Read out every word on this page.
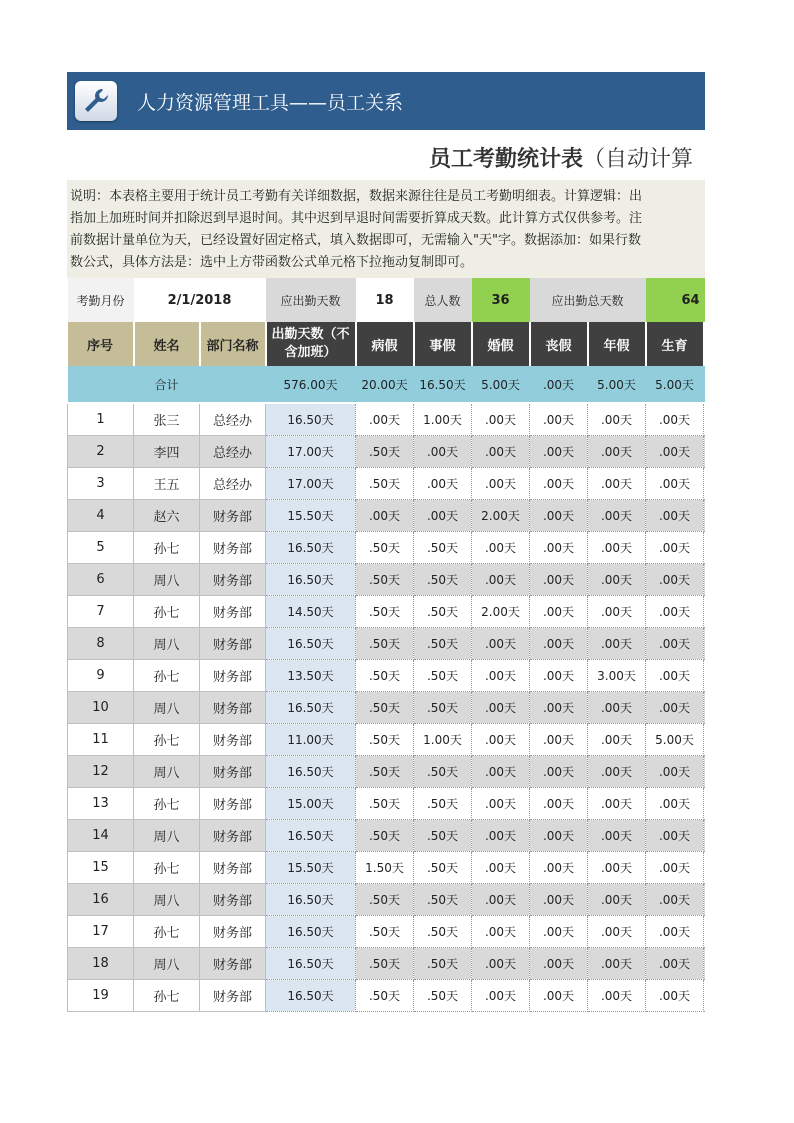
人力资源管理工具——员工关系
员工考勤统计表（自动计算
说明：本表格主要用于统计员工考勤有关详细数据，数据来源往往是员工考勤明细表。计算逻辑：出
指加上加班时间并扣除迟到早退时间。其中迟到早退时间需要折算成天数。此计算方式仅供参考。注
前数据计量单位为天，已经设置好固定格式，填入数据即可，无需输入"天"字。数据添加：如果行数
数公式，具体方法是：选中上方带函数公式单元格下拉拖动复制即可。
考勤月份	2/1/2018		应出勤天数	18	总人数	36	应出勤总天数		64	
序号	姓名	部门名称	出勤天数（不含加班）	病假	事假	婚假	丧假	年假	生育	
合计			576.00天	20.00天	16.50天	5.00天	.00天	5.00天	5.00天	
1	张三	总经办	16.50天	.00天	1.00天	.00天	.00天	.00天	.00天	
2	李四	总经办	17.00天	.50天	.00天	.00天	.00天	.00天	.00天	
3	王五	总经办	17.00天	.50天	.00天	.00天	.00天	.00天	.00天	
4	赵六	财务部	15.50天	.00天	.00天	2.00天	.00天	.00天	.00天	
5	孙七	财务部	16.50天	.50天	.50天	.00天	.00天	.00天	.00天	
6	周八	财务部	16.50天	.50天	.50天	.00天	.00天	.00天	.00天	
7	孙七	财务部	14.50天	.50天	.50天	2.00天	.00天	.00天	.00天	
8	周八	财务部	16.50天	.50天	.50天	.00天	.00天	.00天	.00天	
9	孙七	财务部	13.50天	.50天	.50天	.00天	.00天	3.00天	.00天	
10	周八	财务部	16.50天	.50天	.50天	.00天	.00天	.00天	.00天	
11	孙七	财务部	11.00天	.50天	1.00天	.00天	.00天	.00天	5.00天	
12	周八	财务部	16.50天	.50天	.50天	.00天	.00天	.00天	.00天	
13	孙七	财务部	15.00天	.50天	.50天	.00天	.00天	.00天	.00天	
14	周八	财务部	16.50天	.50天	.50天	.00天	.00天	.00天	.00天	
15	孙七	财务部	15.50天	1.50天	.50天	.00天	.00天	.00天	.00天	
16	周八	财务部	16.50天	.50天	.50天	.00天	.00天	.00天	.00天	
17	孙七	财务部	16.50天	.50天	.50天	.00天	.00天	.00天	.00天	
18	周八	财务部	16.50天	.50天	.50天	.00天	.00天	.00天	.00天	
19	孙七	财务部	16.50天	.50天	.50天	.00天	.00天	.00天	.00天	
